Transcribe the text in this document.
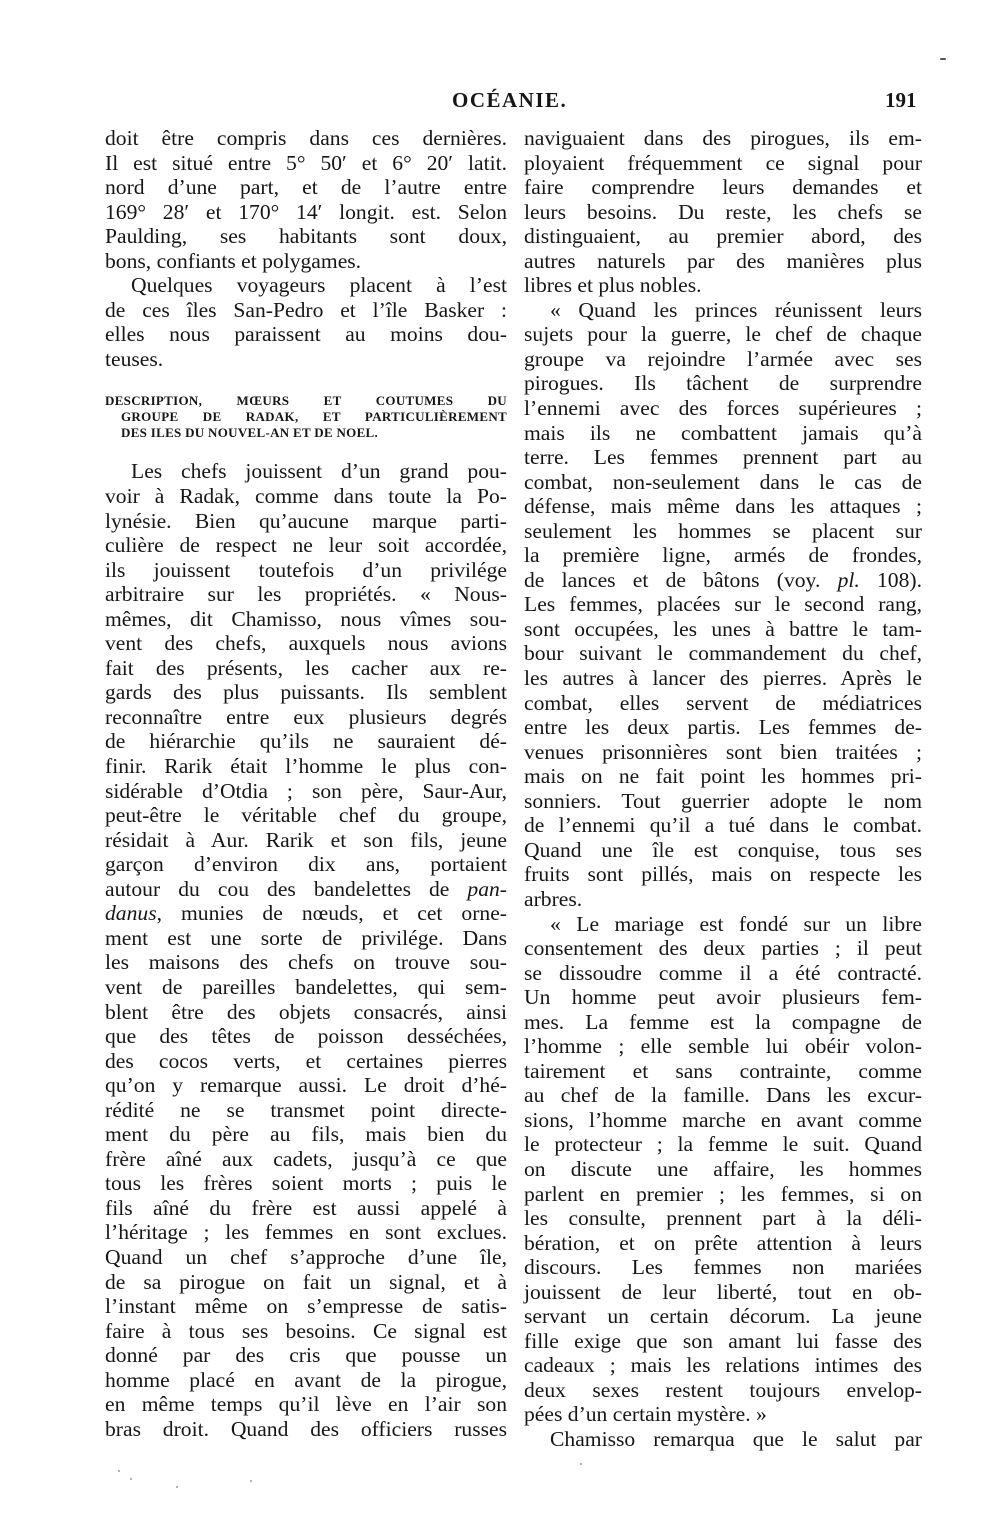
OCÉANIE.	191
doit être compris dans ces dernières.
Il est situé entre 5° 50′ et 6° 20′ latit.
nord d’une part, et de l’autre entre
169° 28′ et 170° 14′ longit. est. Selon
Paulding, ses habitants sont doux,
bons, confiants et polygames.
Quelques voyageurs placent à l’est
de ces îles San-Pedro et l’île Basker :
elles nous paraissent au moins dou-
teuses.
DESCRIPTION, MŒURS ET COUTUMES DU
GROUPE DE RADAK, ET PARTICULIÈREMENT
DES ILES DU NOUVEL-AN ET DE NOEL.
Les chefs jouissent d’un grand pou-
voir à Radak, comme dans toute la Po-
lynésie. Bien qu’aucune marque parti-
culière de respect ne leur soit accordée,
ils jouissent toutefois d’un privilége
arbitraire sur les propriétés. « Nous-
mêmes, dit Chamisso, nous vîmes sou-
vent des chefs, auxquels nous avions
fait des présents, les cacher aux re-
gards des plus puissants. Ils semblent
reconnaître entre eux plusieurs degrés
de hiérarchie qu’ils ne sauraient dé-
finir. Rarik était l’homme le plus con-
sidérable d’Otdia ; son père, Saur-Aur,
peut-être le véritable chef du groupe,
résidait à Aur. Rarik et son fils, jeune
garçon d’environ dix ans, portaient
autour du cou des bandelettes de pan-
danus, munies de nœuds, et cet orne-
ment est une sorte de privilége. Dans
les maisons des chefs on trouve sou-
vent de pareilles bandelettes, qui sem-
blent être des objets consacrés, ainsi
que des têtes de poisson desséchées,
des cocos verts, et certaines pierres
qu’on y remarque aussi. Le droit d’hé-
rédité ne se transmet point directe-
ment du père au fils, mais bien du
frère aîné aux cadets, jusqu’à ce que
tous les frères soient morts ; puis le
fils aîné du frère est aussi appelé à
l’héritage ; les femmes en sont exclues.
Quand un chef s’approche d’une île,
de sa pirogue on fait un signal, et à
l’instant même on s’empresse de satis-
faire à tous ses besoins. Ce signal est
donné par des cris que pousse un
homme placé en avant de la pirogue,
en même temps qu’il lève en l’air son
bras droit. Quand des officiers russes
naviguaient dans des pirogues, ils em-
ployaient fréquemment ce signal pour
faire comprendre leurs demandes et
leurs besoins. Du reste, les chefs se
distinguaient, au premier abord, des
autres naturels par des manières plus
libres et plus nobles.
« Quand les princes réunissent leurs
sujets pour la guerre, le chef de chaque
groupe va rejoindre l’armée avec ses
pirogues. Ils tâchent de surprendre
l’ennemi avec des forces supérieures ;
mais ils ne combattent jamais qu’à
terre. Les femmes prennent part au
combat, non-seulement dans le cas de
défense, mais même dans les attaques ;
seulement les hommes se placent sur
la première ligne, armés de frondes,
de lances et de bâtons (voy. pl. 108).
Les femmes, placées sur le second rang,
sont occupées, les unes à battre le tam-
bour suivant le commandement du chef,
les autres à lancer des pierres. Après le
combat, elles servent de médiatrices
entre les deux partis. Les femmes de-
venues prisonnières sont bien traitées ;
mais on ne fait point les hommes pri-
sonniers. Tout guerrier adopte le nom
de l’ennemi qu’il a tué dans le combat.
Quand une île est conquise, tous ses
fruits sont pillés, mais on respecte les
arbres.
« Le mariage est fondé sur un libre
consentement des deux parties ; il peut
se dissoudre comme il a été contracté.
Un homme peut avoir plusieurs fem-
mes. La femme est la compagne de
l’homme ; elle semble lui obéir volon-
tairement et sans contrainte, comme
au chef de la famille. Dans les excur-
sions, l’homme marche en avant comme
le protecteur ; la femme le suit. Quand
on discute une affaire, les hommes
parlent en premier ; les femmes, si on
les consulte, prennent part à la déli-
bération, et on prête attention à leurs
discours. Les femmes non mariées
jouissent de leur liberté, tout en ob-
servant un certain décorum. La jeune
fille exige que son amant lui fasse des
cadeaux ; mais les relations intimes des
deux sexes restent toujours envelop-
pées d’un certain mystère. »
Chamisso remarqua que le salut par
